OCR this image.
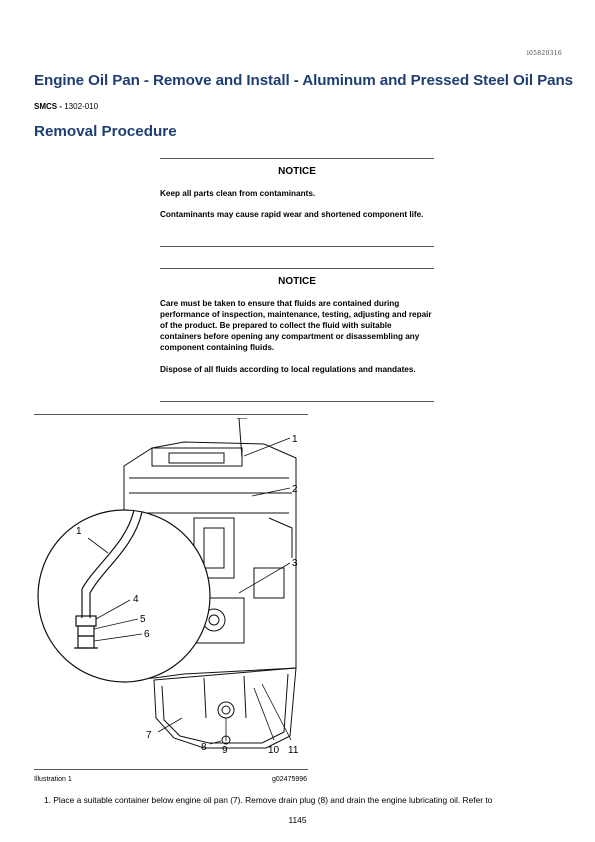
i05820316
Engine Oil Pan - Remove and Install - Aluminum and Pressed Steel Oil Pans
SMCS - 1302-010
Removal Procedure
NOTICE
Keep all parts clean from contaminants.
Contaminants may cause rapid wear and shortened component life.
NOTICE
Care must be taken to ensure that fluids are contained during performance of inspection, maintenance, testing, adjusting and repair of the product. Be prepared to collect the fluid with suitable containers before opening any compartment or disassembling any component containing fluids.
Dispose of all fluids according to local regulations and mandates.
1
2
3
4
5
6
1
7
8 9	10 11
Illustration 1	g02475996
1. Place a suitable container below engine oil pan (7). Remove drain plug (8) and drain the engine lubricating oil. Refer to
1145
